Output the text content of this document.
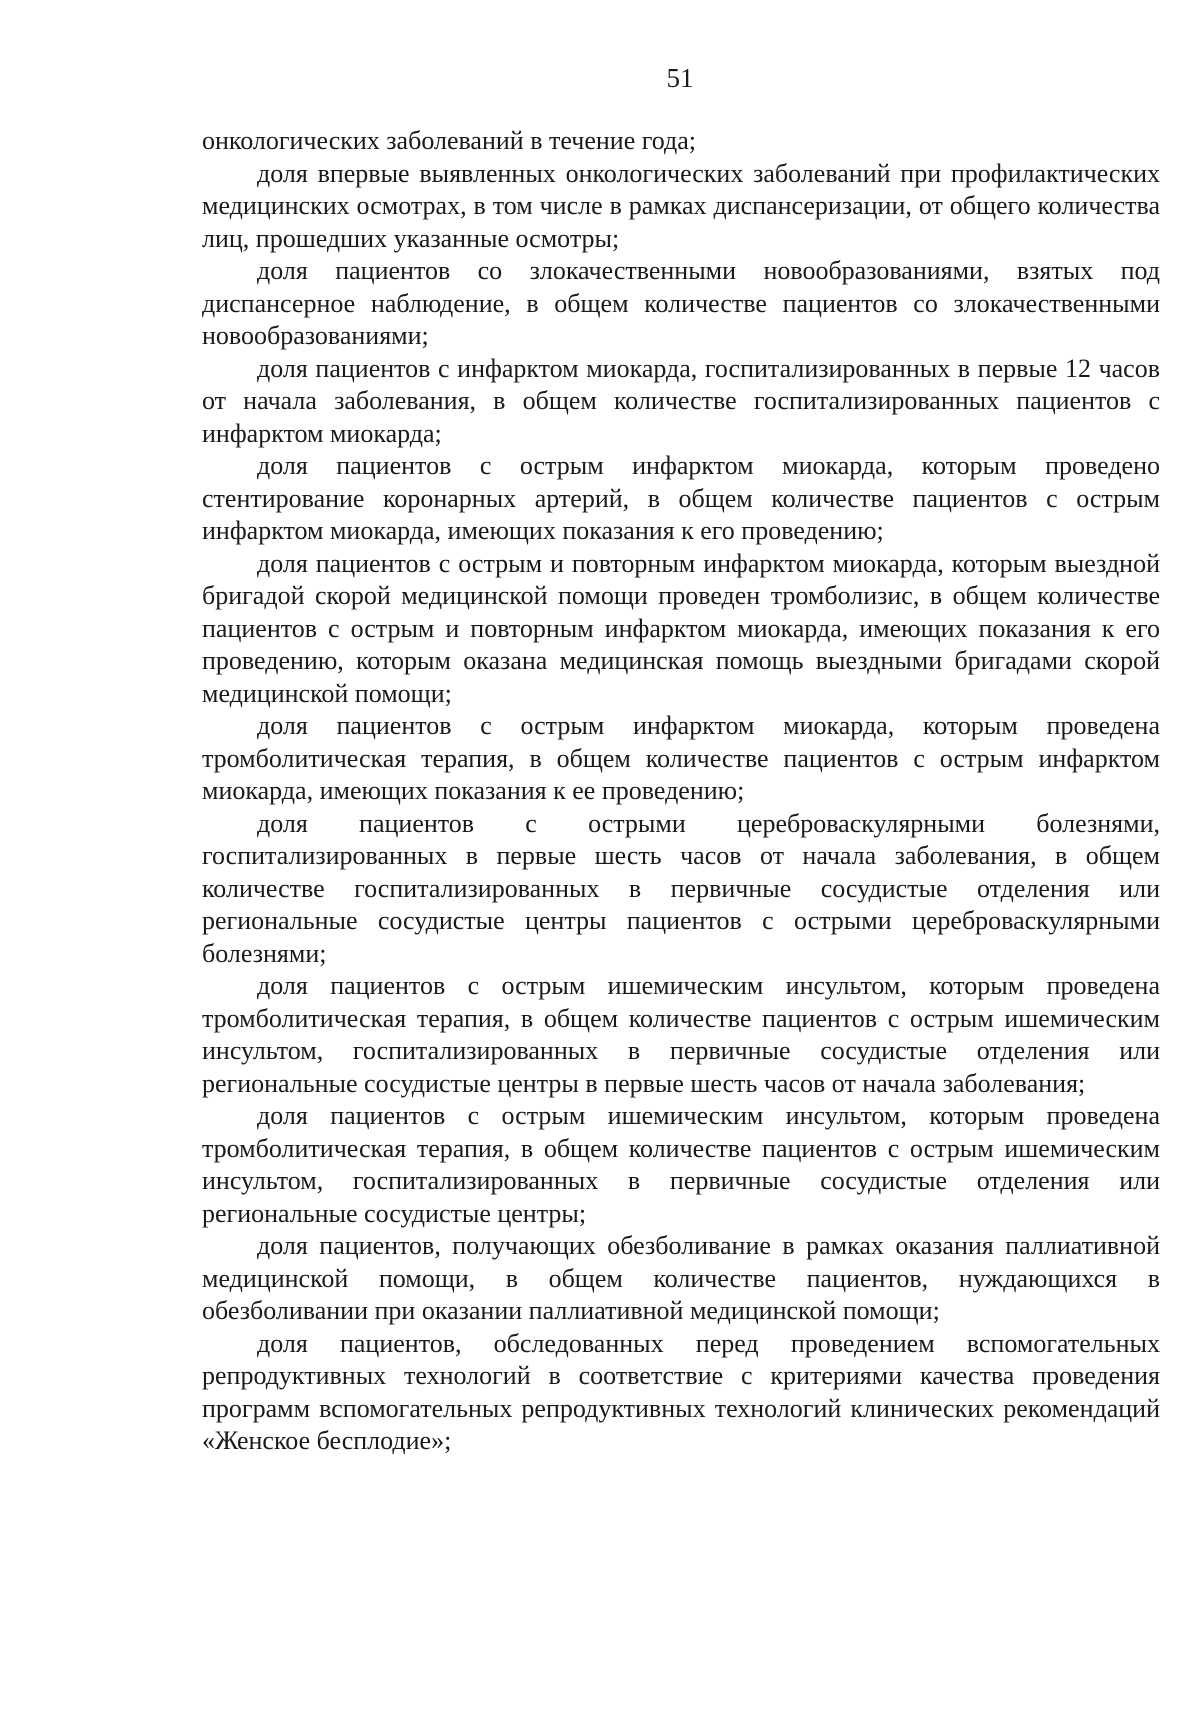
51

онкологических заболеваний в течение года;

доля впервые выявленных онкологических заболеваний при профилактических медицинских осмотрах, в том числе в рамках диспансеризации, от общего количества лиц, прошедших указанные осмотры;

доля пациентов со злокачественными новообразованиями, взятых под диспансерное наблюдение, в общем количестве пациентов со злокачественными новообразованиями;

доля пациентов с инфарктом миокарда, госпитализированных в первые 12 часов от начала заболевания, в общем количестве госпитализированных пациентов с инфарктом миокарда;

доля пациентов с острым инфарктом миокарда, которым проведено стентирование коронарных артерий, в общем количестве пациентов с острым инфарктом миокарда, имеющих показания к его проведению;

доля пациентов с острым и повторным инфарктом миокарда, которым выездной бригадой скорой медицинской помощи проведен тромболизис, в общем количестве пациентов с острым и повторным инфарктом миокарда, имеющих показания к его проведению, которым оказана медицинская помощь выездными бригадами скорой медицинской помощи;

доля пациентов с острым инфарктом миокарда, которым проведена тромболитическая терапия, в общем количестве пациентов с острым инфарктом миокарда, имеющих показания к ее проведению;

доля пациентов с острыми цереброваскулярными болезнями, госпитализированных в первые шесть часов от начала заболевания, в общем количестве госпитализированных в первичные сосудистые отделения или региональные сосудистые центры пациентов с острыми цереброваскулярными болезнями;

доля пациентов с острым ишемическим инсультом, которым проведена тромболитическая терапия, в общем количестве пациентов с острым ишемическим инсультом, госпитализированных в первичные сосудистые отделения или региональные сосудистые центры в первые шесть часов от начала заболевания;

доля пациентов с острым ишемическим инсультом, которым проведена тромболитическая терапия, в общем количестве пациентов с острым ишемическим инсультом, госпитализированных в первичные сосудистые отделения или региональные сосудистые центры;

доля пациентов, получающих обезболивание в рамках оказания паллиативной медицинской помощи, в общем количестве пациентов, нуждающихся в обезболивании при оказании паллиативной медицинской помощи;

доля пациентов, обследованных перед проведением вспомогательных репродуктивных технологий в соответствие с критериями качества проведения программ вспомогательных репродуктивных технологий клинических рекомендаций «Женское бесплодие»;
